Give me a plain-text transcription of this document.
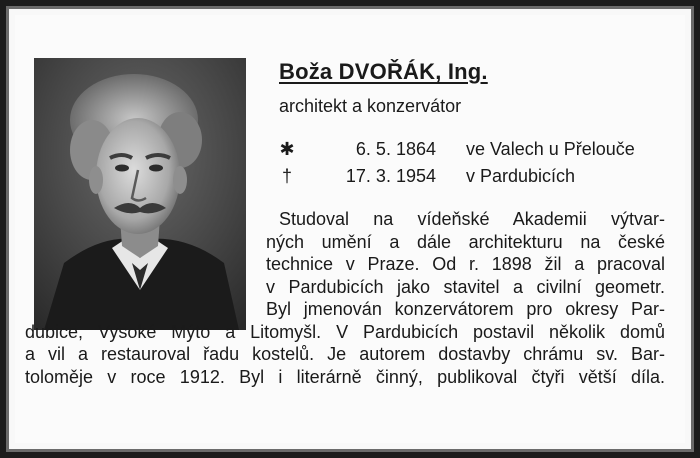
Boža DVOŘÁK, Ing.
architekt a konzervátor
✱	6. 5. 1864 ve Valech u Přelouče
†	17. 3. 1954 v Pardubicích
Studoval na vídeňské Akademii výtvar-
ných umění a dále architekturu na české
technice v Praze. Od r. 1898 žil a pracoval
v Pardubicích jako stavitel a civilní geometr.
Byl jmenován konzervátorem pro okresy Par-
dubice, Vysoké Mýto a Litomyšl. V Pardubicích postavil několik domů
a vil a restauroval řadu kostelů. Je autorem dostavby chrámu sv. Bar-
toloměje v roce 1912. Byl i literárně činný, publikoval čtyři větší díla.
